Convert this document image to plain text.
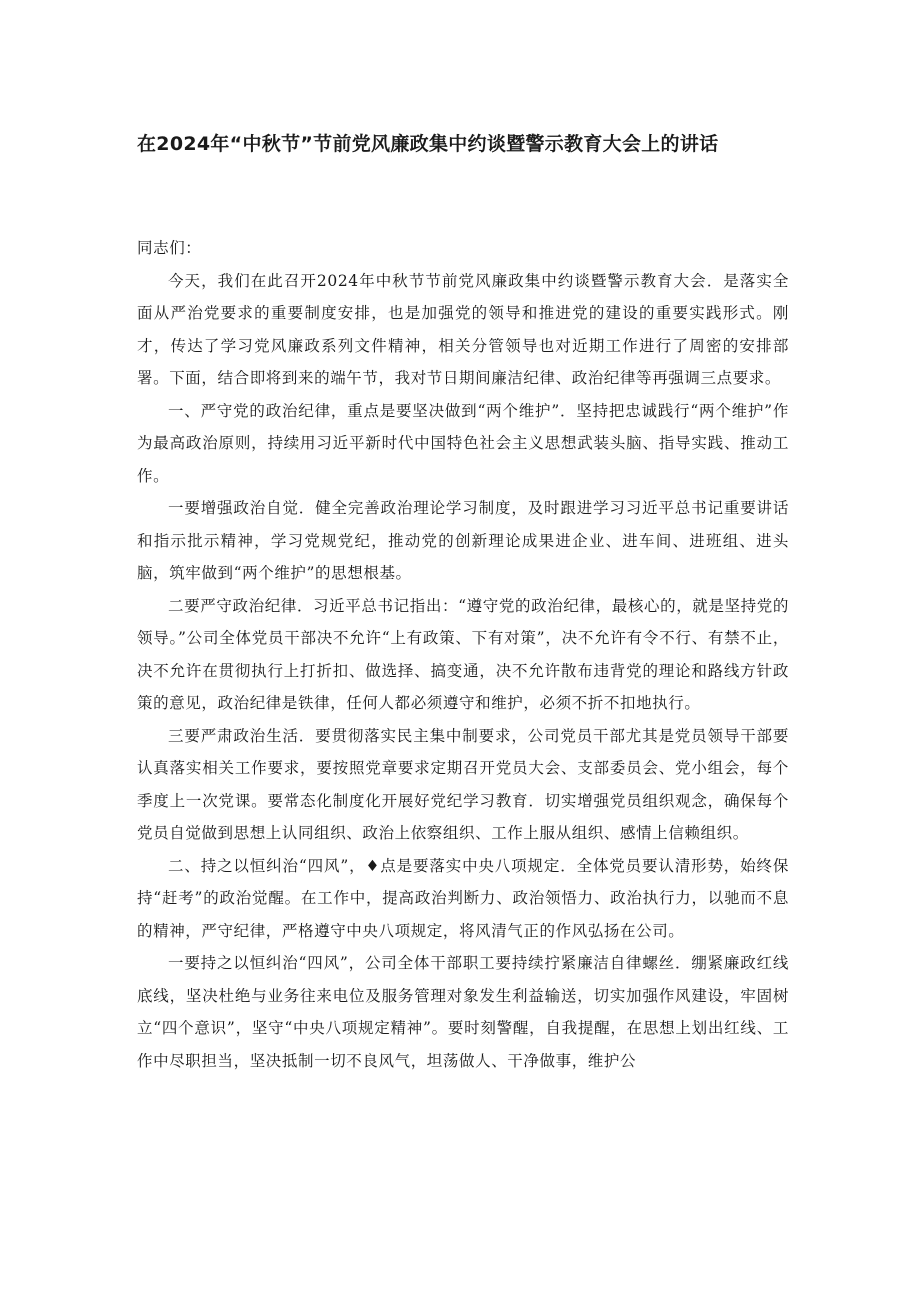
在2024年“中秋节”节前党风廉政集中约谈暨警示教育大会上的讲话

同志们：

今天，我们在此召开2024年中秋节节前党风廉政集中约谈暨警示教育大会．是落实全面从严治党要求的重要制度安排，也是加强党的领导和推进党的建设的重要实践形式。刚才，传达了学习党风廉政系列文件精神，相关分管领导也对近期工作进行了周密的安排部署。下面，结合即将到来的端午节，我对节日期间廉洁纪律、政治纪律等再强调三点要求。

一、严守党的政治纪律，重点是要坚决做到“两个维护”．坚持把忠诚践行“两个维护”作为最高政治原则，持续用习近平新时代中国特色社会主义思想武装头脑、指导实践、推动工作。

一要增强政治自觉．健全完善政治理论学习制度，及时跟进学习习近平总书记重要讲话和指示批示精神，学习党规党纪，推动党的创新理论成果进企业、进车间、进班组、进头脑，筑牢做到“两个维护”的思想根基。

二要严守政治纪律．习近平总书记指出：“遵守党的政治纪律，最核心的，就是坚持党的领导。”公司全体党员干部决不允许“上有政策、下有对策”，决不允许有令不行、有禁不止，决不允许在贯彻执行上打折扣、做选择、搞变通，决不允许散布违背党的理论和路线方针政策的意见，政治纪律是铁律，任何人都必须遵守和维护，必须不折不扣地执行。

三要严肃政治生活．要贯彻落实民主集中制要求，公司党员干部尤其是党员领导干部要认真落实相关工作要求，要按照党章要求定期召开党员大会、支部委员会、党小组会，每个季度上一次党课。要常态化制度化开展好党纪学习教育．切实增强党员组织观念，确保每个党员自觉做到思想上认同组织、政治上依察组织、工作上服从组织、感情上信赖组织。

二、持之以恒纠治“四风”，♦点是要落实中央八项规定．全体党员要认清形势，始终保持“赶考”的政治觉醒。在工作中，提高政治判断力、政治领悟力、政治执行力，以驰而不息的精神，严守纪律，严格遵守中央八项规定，将风清气正的作风弘扬在公司。

一要持之以恒纠治“四风”，公司全体干部职工要持续拧紧廉洁自律螺丝．绷紧廉政红线底线，坚决杜绝与业务往来电位及服务管理对象发生利益输送，切实加强作风建设，牢固树立“四个意识”，坚守“中央八项规定精神”。要时刻警醒，自我提醒，在思想上划出红线、工作中尽职担当，坚决抵制一切不良风气，坦荡做人、干净做事，维护公
